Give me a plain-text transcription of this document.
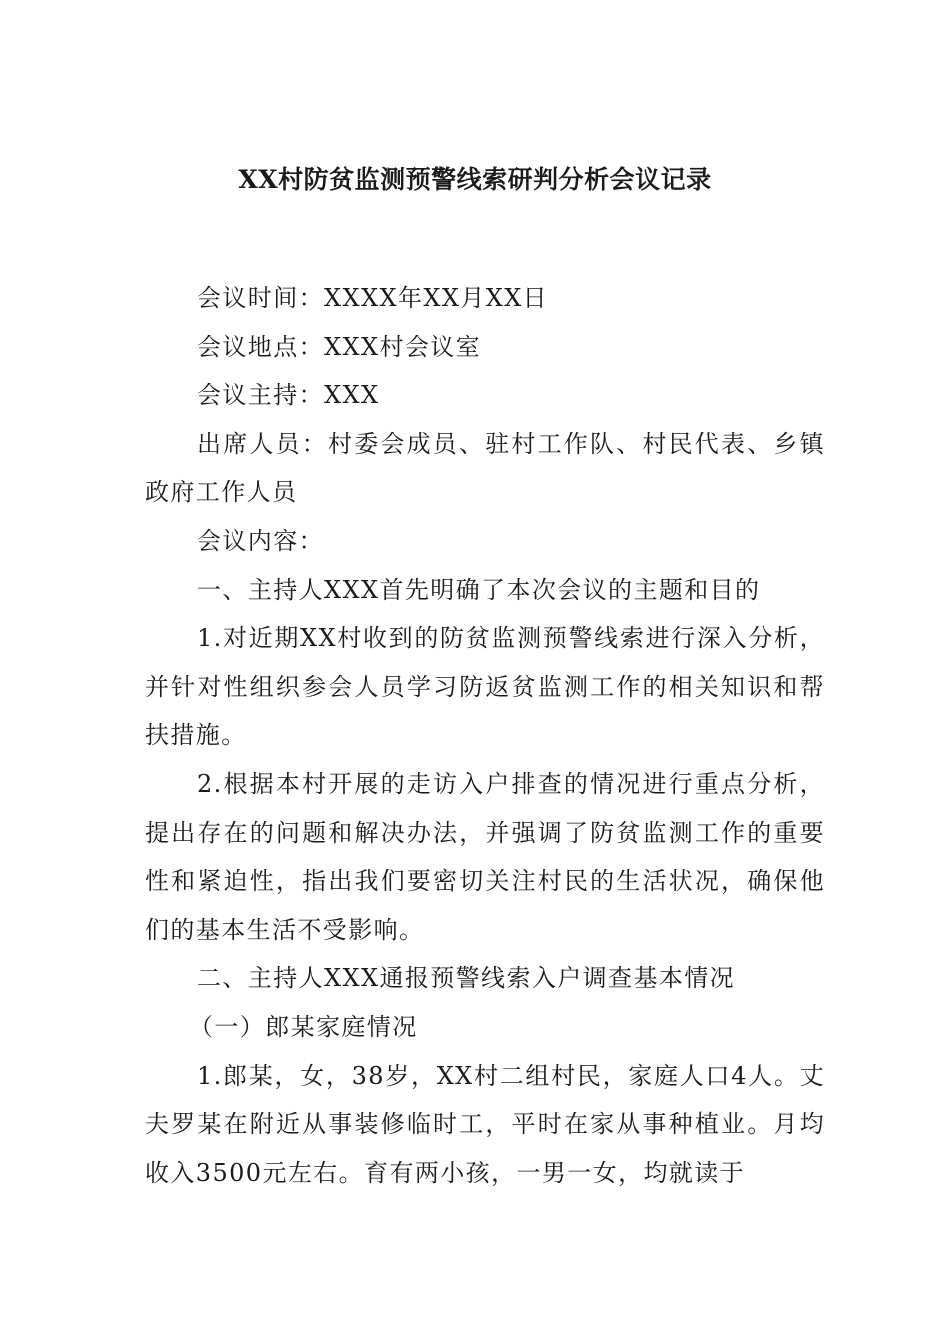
XX村防贫监测预警线索研判分析会议记录

会议时间：XXXX年XX月XX日

会议地点：XXX村会议室

会议主持：XXX

出席人员：村委会成员、驻村工作队、村民代表、乡镇政府工作人员

会议内容：

一、主持人XXX首先明确了本次会议的主题和目的

1.对近期XX村收到的防贫监测预警线索进行深入分析，并针对性组织参会人员学习防返贫监测工作的相关知识和帮扶措施。

2.根据本村开展的走访入户排查的情况进行重点分析，提出存在的问题和解决办法，并强调了防贫监测工作的重要性和紧迫性，指出我们要密切关注村民的生活状况，确保他们的基本生活不受影响。

二、主持人XXX通报预警线索入户调查基本情况

（一）郎某家庭情况

1.郎某，女，38岁，XX村二组村民，家庭人口4人。丈夫罗某在附近从事装修临时工，平时在家从事种植业。月均收入3500元左右。育有两小孩，一男一女，均就读于
